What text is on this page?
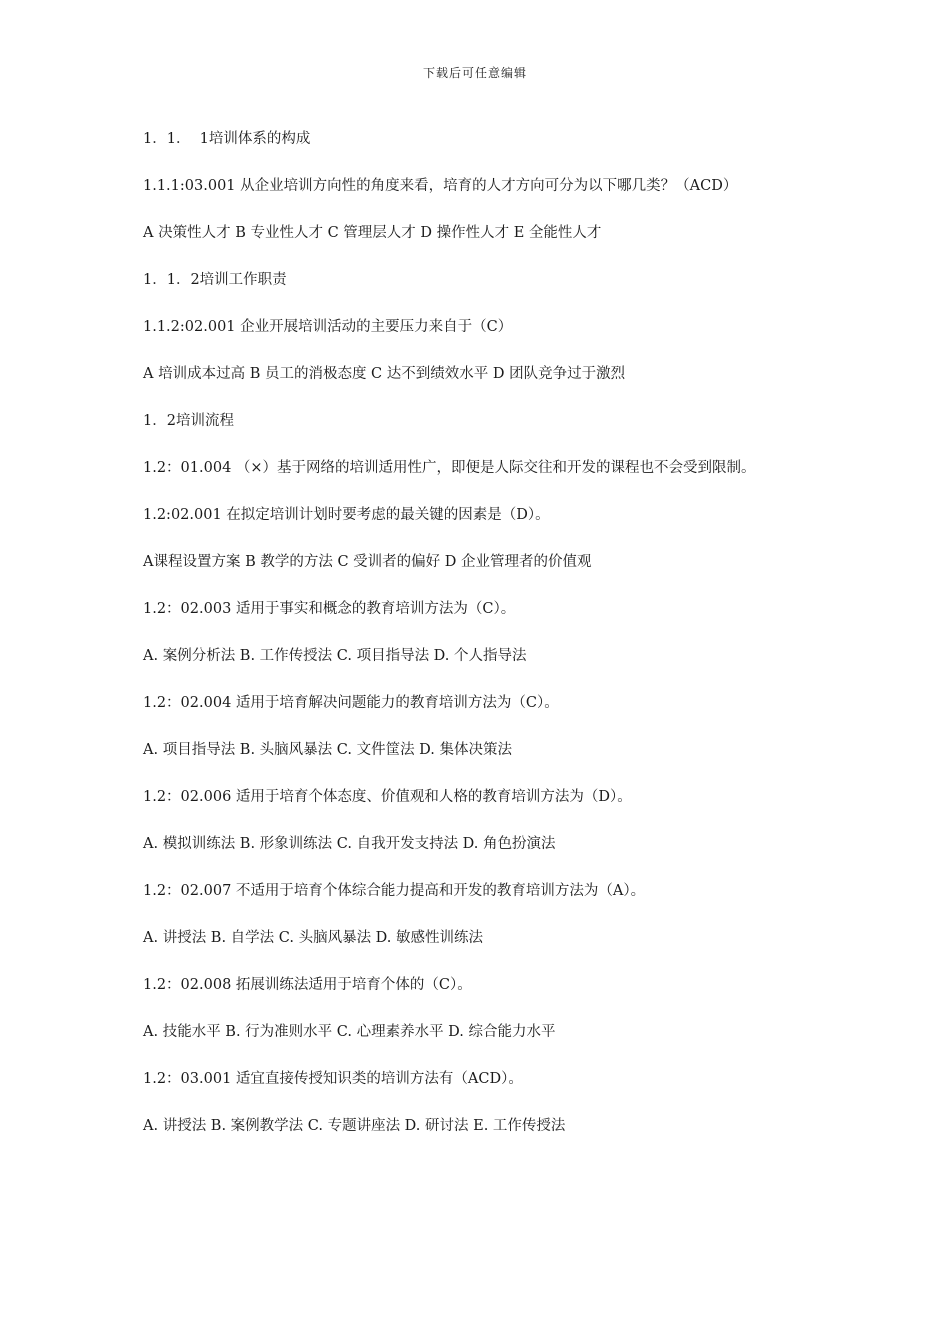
下载后可任意编辑

1．1．  1培训体系的构成

1.1.1:03.001 从企业培训方向性的角度来看，培育的人才方向可分为以下哪几类？（ACD）

A 决策性人才 B 专业性人才 C 管理层人才 D 操作性人才 E 全能性人才

1．1．2培训工作职责

1.1.2:02.001 企业开展培训活动的主要压力来自于（C）

A 培训成本过高 B 员工的消极态度 C 达不到绩效水平 D 团队竞争过于激烈

1．2培训流程

1.2：01.004 （×）基于网络的培训适用性广，即便是人际交往和开发的课程也不会受到限制。

1.2:02.001 在拟定培训计划时要考虑的最关键的因素是（D）。

A课程设置方案 B 教学的方法 C 受训者的偏好 D 企业管理者的价值观

1.2：02.003 适用于事实和概念的教育培训方法为（C）。

A. 案例分析法 B. 工作传授法 C. 项目指导法 D. 个人指导法

1.2：02.004 适用于培育解决问题能力的教育培训方法为（C）。

A. 项目指导法 B. 头脑风暴法 C. 文件筐法 D. 集体决策法

1.2：02.006 适用于培育个体态度、价值观和人格的教育培训方法为（D）。

A. 模拟训练法 B. 形象训练法 C. 自我开发支持法 D. 角色扮演法

1.2：02.007 不适用于培育个体综合能力提高和开发的教育培训方法为（A）。

A. 讲授法 B. 自学法 C. 头脑风暴法 D. 敏感性训练法

1.2：02.008 拓展训练法适用于培育个体的（C）。

A. 技能水平 B. 行为准则水平 C. 心理素养水平 D. 综合能力水平

1.2：03.001 适宜直接传授知识类的培训方法有（ACD）。

A. 讲授法 B. 案例教学法 C. 专题讲座法 D. 研讨法 E. 工作传授法
